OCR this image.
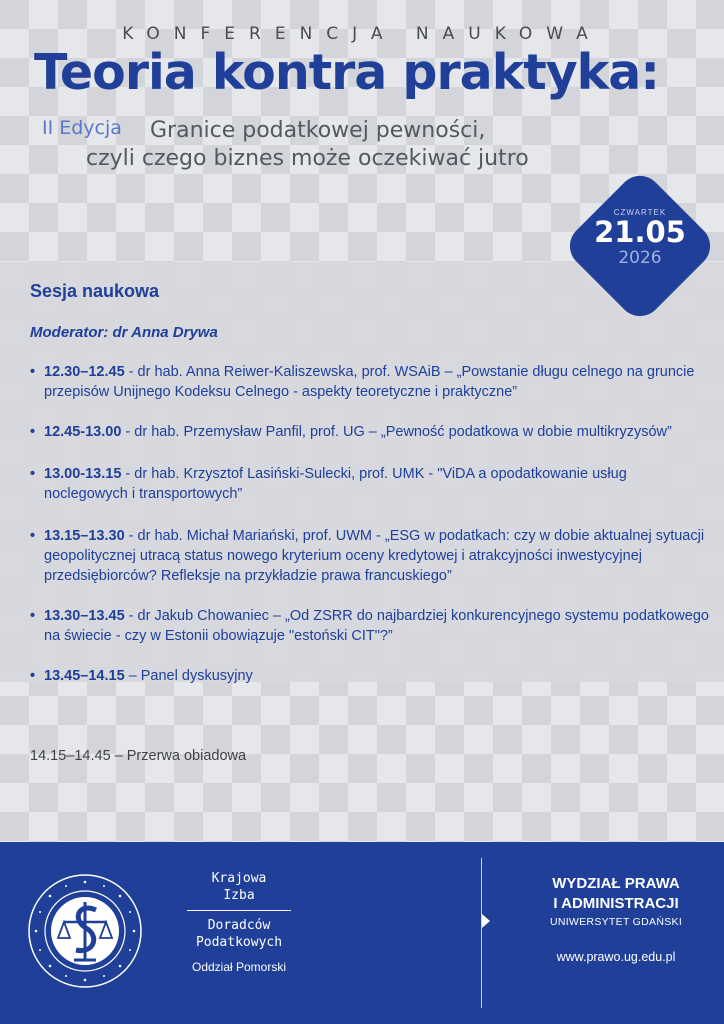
KONFERENCJA NAUKOWA
Teoria kontra praktyka:
II Edycja	Granice podatkowej pewności,
czyli czego biznes może oczekiwać jutro
CZWARTEK
21.05
2026
Sesja naukowa
Moderator: dr Anna Drywa
• 12.30–12.45 - dr hab. Anna Reiwer-Kaliszewska, prof. WSAiB – „Powstanie długu celnego na gruncie przepisów Unijnego Kodeksu Celnego - aspekty teoretyczne i praktyczne”
• 12.45-13.00 - dr hab. Przemysław Panfil, prof. UG – „Pewność podatkowa w dobie multikryzysów”
• 13.00-13.15 - dr hab. Krzysztof Lasiński-Sulecki, prof. UMK - "ViDA a opodatkowanie usług noclegowych i transportowych”
• 13.15–13.30 - dr hab. Michał Mariański, prof. UWM - „ESG w podatkach: czy w dobie aktualnej sytuacji geopolitycznej utracą status nowego kryterium oceny kredytowej i atrakcyjności inwestycyjnej przedsiębiorców? Refleksje na przykładzie prawa francuskiego”
• 13.30–13.45 - dr Jakub Chowaniec – „Od ZSRR do najbardziej konkurencyjnego systemu podatkowego na świecie - czy w Estonii obowiązuje "estoński CIT"?”
• 13.45–14.15 – Panel dyskusyjny
14.15–14.45 – Przerwa obiadowa
Krajowa
Izba
Doradców
Podatkowych
Oddział Pomorski
WYDZIAŁ PRAWA
I ADMINISTRACJI
UNIWERSYTET GDAŃSKI
www.prawo.ug.edu.pl
